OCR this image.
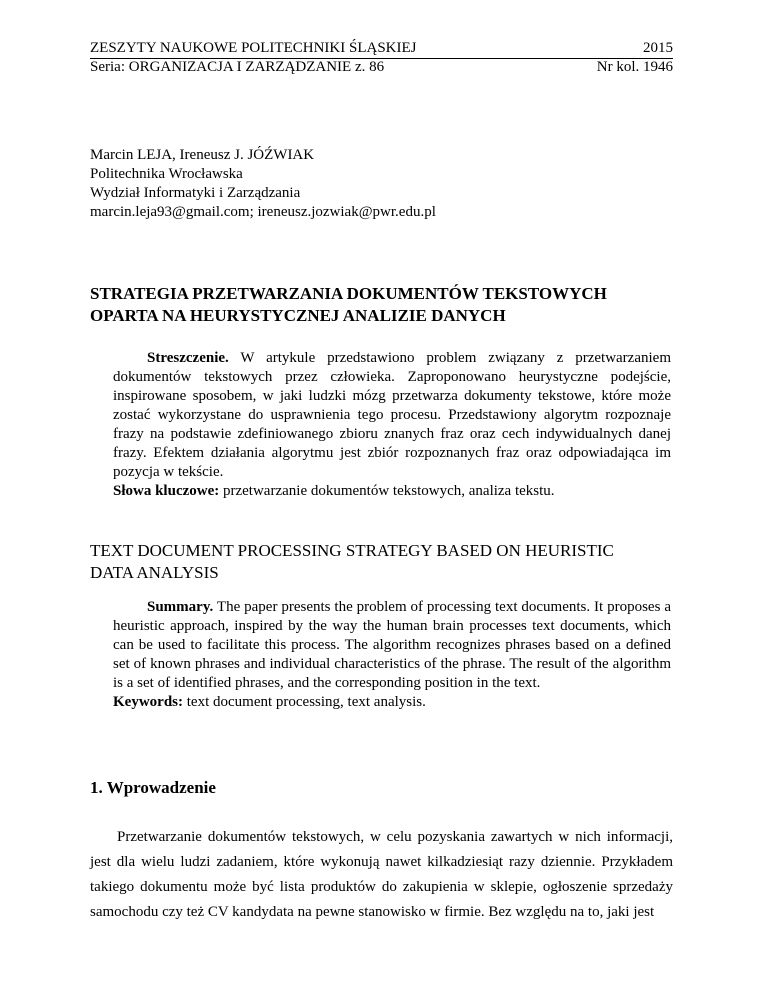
ZESZYTY NAUKOWE POLITECHNIKI ŚLĄSKIEJ	2015
Seria: ORGANIZACJA I ZARZĄDZANIE z. 86	Nr kol. 1946
Marcin LEJA, Ireneusz J. JÓŹWIAK
Politechnika Wrocławska
Wydział Informatyki i Zarządzania
marcin.leja93@gmail.com; ireneusz.jozwiak@pwr.edu.pl
STRATEGIA PRZETWARZANIA DOKUMENTÓW TEKSTOWYCH
OPARTA NA HEURYSTYCZNEJ ANALIZIE DANYCH

Streszczenie. W artykule przedstawiono problem związany z przetwarzaniem dokumentów tekstowych przez człowieka. Zaproponowano heurystyczne podejście, inspirowane sposobem, w jaki ludzki mózg przetwarza dokumenty tekstowe, które może zostać wykorzystane do usprawnienia tego procesu. Przedstawiony algorytm rozpoznaje frazy na podstawie zdefiniowanego zbioru znanych fraz oraz cech indywidualnych danej frazy. Efektem działania algorytmu jest zbiór rozpoznanych fraz oraz odpowiadająca im pozycja w tekście.

Słowa kluczowe: przetwarzanie dokumentów tekstowych, analiza tekstu.

TEXT DOCUMENT PROCESSING STRATEGY BASED ON HEURISTIC
DATA ANALYSIS

Summary. The paper presents the problem of processing text documents. It proposes a heuristic approach, inspired by the way the human brain processes text documents, which can be used to facilitate this process. The algorithm recognizes phrases based on a defined set of known phrases and individual characteristics of the phrase. The result of the algorithm is a set of identified phrases, and the corresponding position in the text.

Keywords: text document processing, text analysis.

1. Wprowadzenie

Przetwarzanie dokumentów tekstowych, w celu pozyskania zawartych w nich informacji, jest dla wielu ludzi zadaniem, które wykonują nawet kilkadziesiąt razy dziennie. Przykładem takiego dokumentu może być lista produktów do zakupienia w sklepie, ogłoszenie sprzedaży samochodu czy też CV kandydata na pewne stanowisko w firmie. Bez względu na to, jaki jest
